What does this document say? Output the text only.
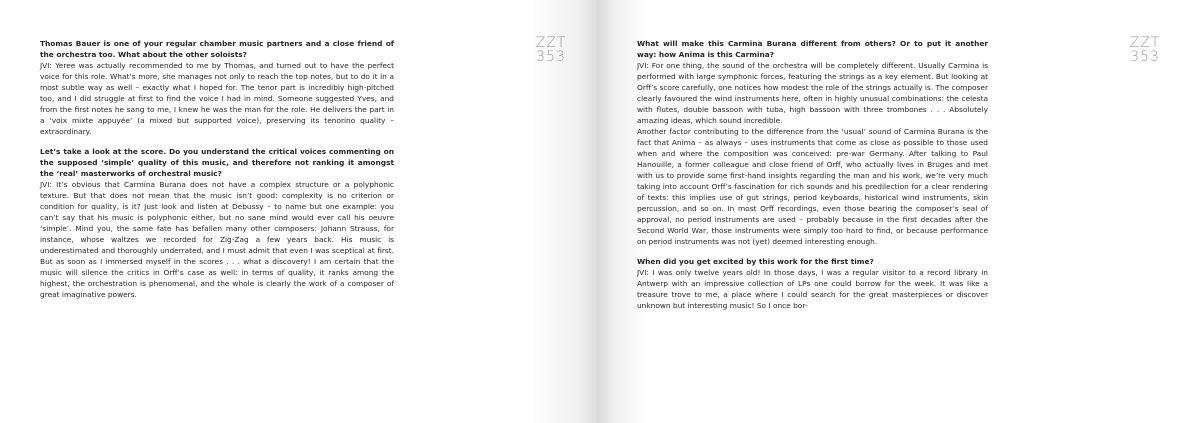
Thomas Bauer is one of your regular chamber music partners and a close friend of the orchestra too. What about the other soloists?
JVI: Yeree was actually recommended to me by Thomas, and turned out to have the perfect voice for this role. What’s more, she manages not only to reach the top notes, but to do it in a most subtle way as well – exactly what I hoped for. The tenor part is incredibly high-pitched too, and I did struggle at first to find the voice I had in mind. Someone suggested Yves, and from the first notes he sang to me, I knew he was the man for the role. He delivers the part in a ‘voix mixte appuyée’ (a mixed but supported voice), preserving its tenorino quality – extraordinary.

Let’s take a look at the score. Do you understand the critical voices commenting on the supposed ‘simple’ quality of this music, and therefore not ranking it amongst the ‘real’ masterworks of orchestral music?
JVI: It’s obvious that Carmina Burana does not have a complex structure or a polyphonic texture. But that does not mean that the music isn’t good: complexity is no criterion or condition for quality, is it? Just look and listen at Debussy – to name but one example: you can’t say that his music is polyphonic either, but no sane mind would ever call his oeuvre ‘simple’. Mind you, the same fate has befallen many other composers: Johann Strauss, for instance, whose waltzes we recorded for Zig-Zag a few years back. His music is underestimated and thoroughly underrated, and I must admit that even I was sceptical at first. But as soon as I immersed myself in the scores . . . what a discovery! I am certain that the music will silence the critics in Orff’s case as well: in terms of quality, it ranks among the highest, the orchestration is phenomenal, and the whole is clearly the work of a composer of great imaginative powers.

ZZT
353

What will make this Carmina Burana different from others? Or to put it another way: how Anima is this Carmina?
JVI: For one thing, the sound of the orchestra will be completely different. Usually Carmina is performed with large symphonic forces, featuring the strings as a key element. But looking at Orff’s score carefully, one notices how modest the role of the strings actually is. The composer clearly favoured the wind instruments here, often in highly unusual combinations: the celesta with flutes, double bassoon with tuba, high bassoon with three trombones . . . Absolutely amazing ideas, which sound incredible.

Another factor contributing to the difference from the ‘usual’ sound of Carmina Burana is the fact that Anima – as always – uses instruments that come as close as possible to those used when and where the composition was conceived: pre-war Germany. After talking to Paul Hanouille, a former colleague and close friend of Orff, who actually lives in Bruges and met with us to provide some first-hand insights regarding the man and his work, we’re very much taking into account Orff’s fascination for rich sounds and his predilection for a clear rendering of texts: this implies use of gut strings, period keyboards, historical wind instruments, skin percussion, and so on. In most Orff recordings, even those bearing the composer’s seal of approval, no period instruments are used – probably because in the first decades after the Second World War, those instruments were simply too hard to find, or because performance on period instruments was not (yet) deemed interesting enough.

When did you get excited by this work for the first time?
JVI: I was only twelve years old! In those days, I was a regular visitor to a record library in Antwerp with an impressive collection of LPs one could borrow for the week. It was like a treasure trove to me, a place where I could search for the great masterpieces or discover unknown but interesting music! So I once bor-

ZZT
353
